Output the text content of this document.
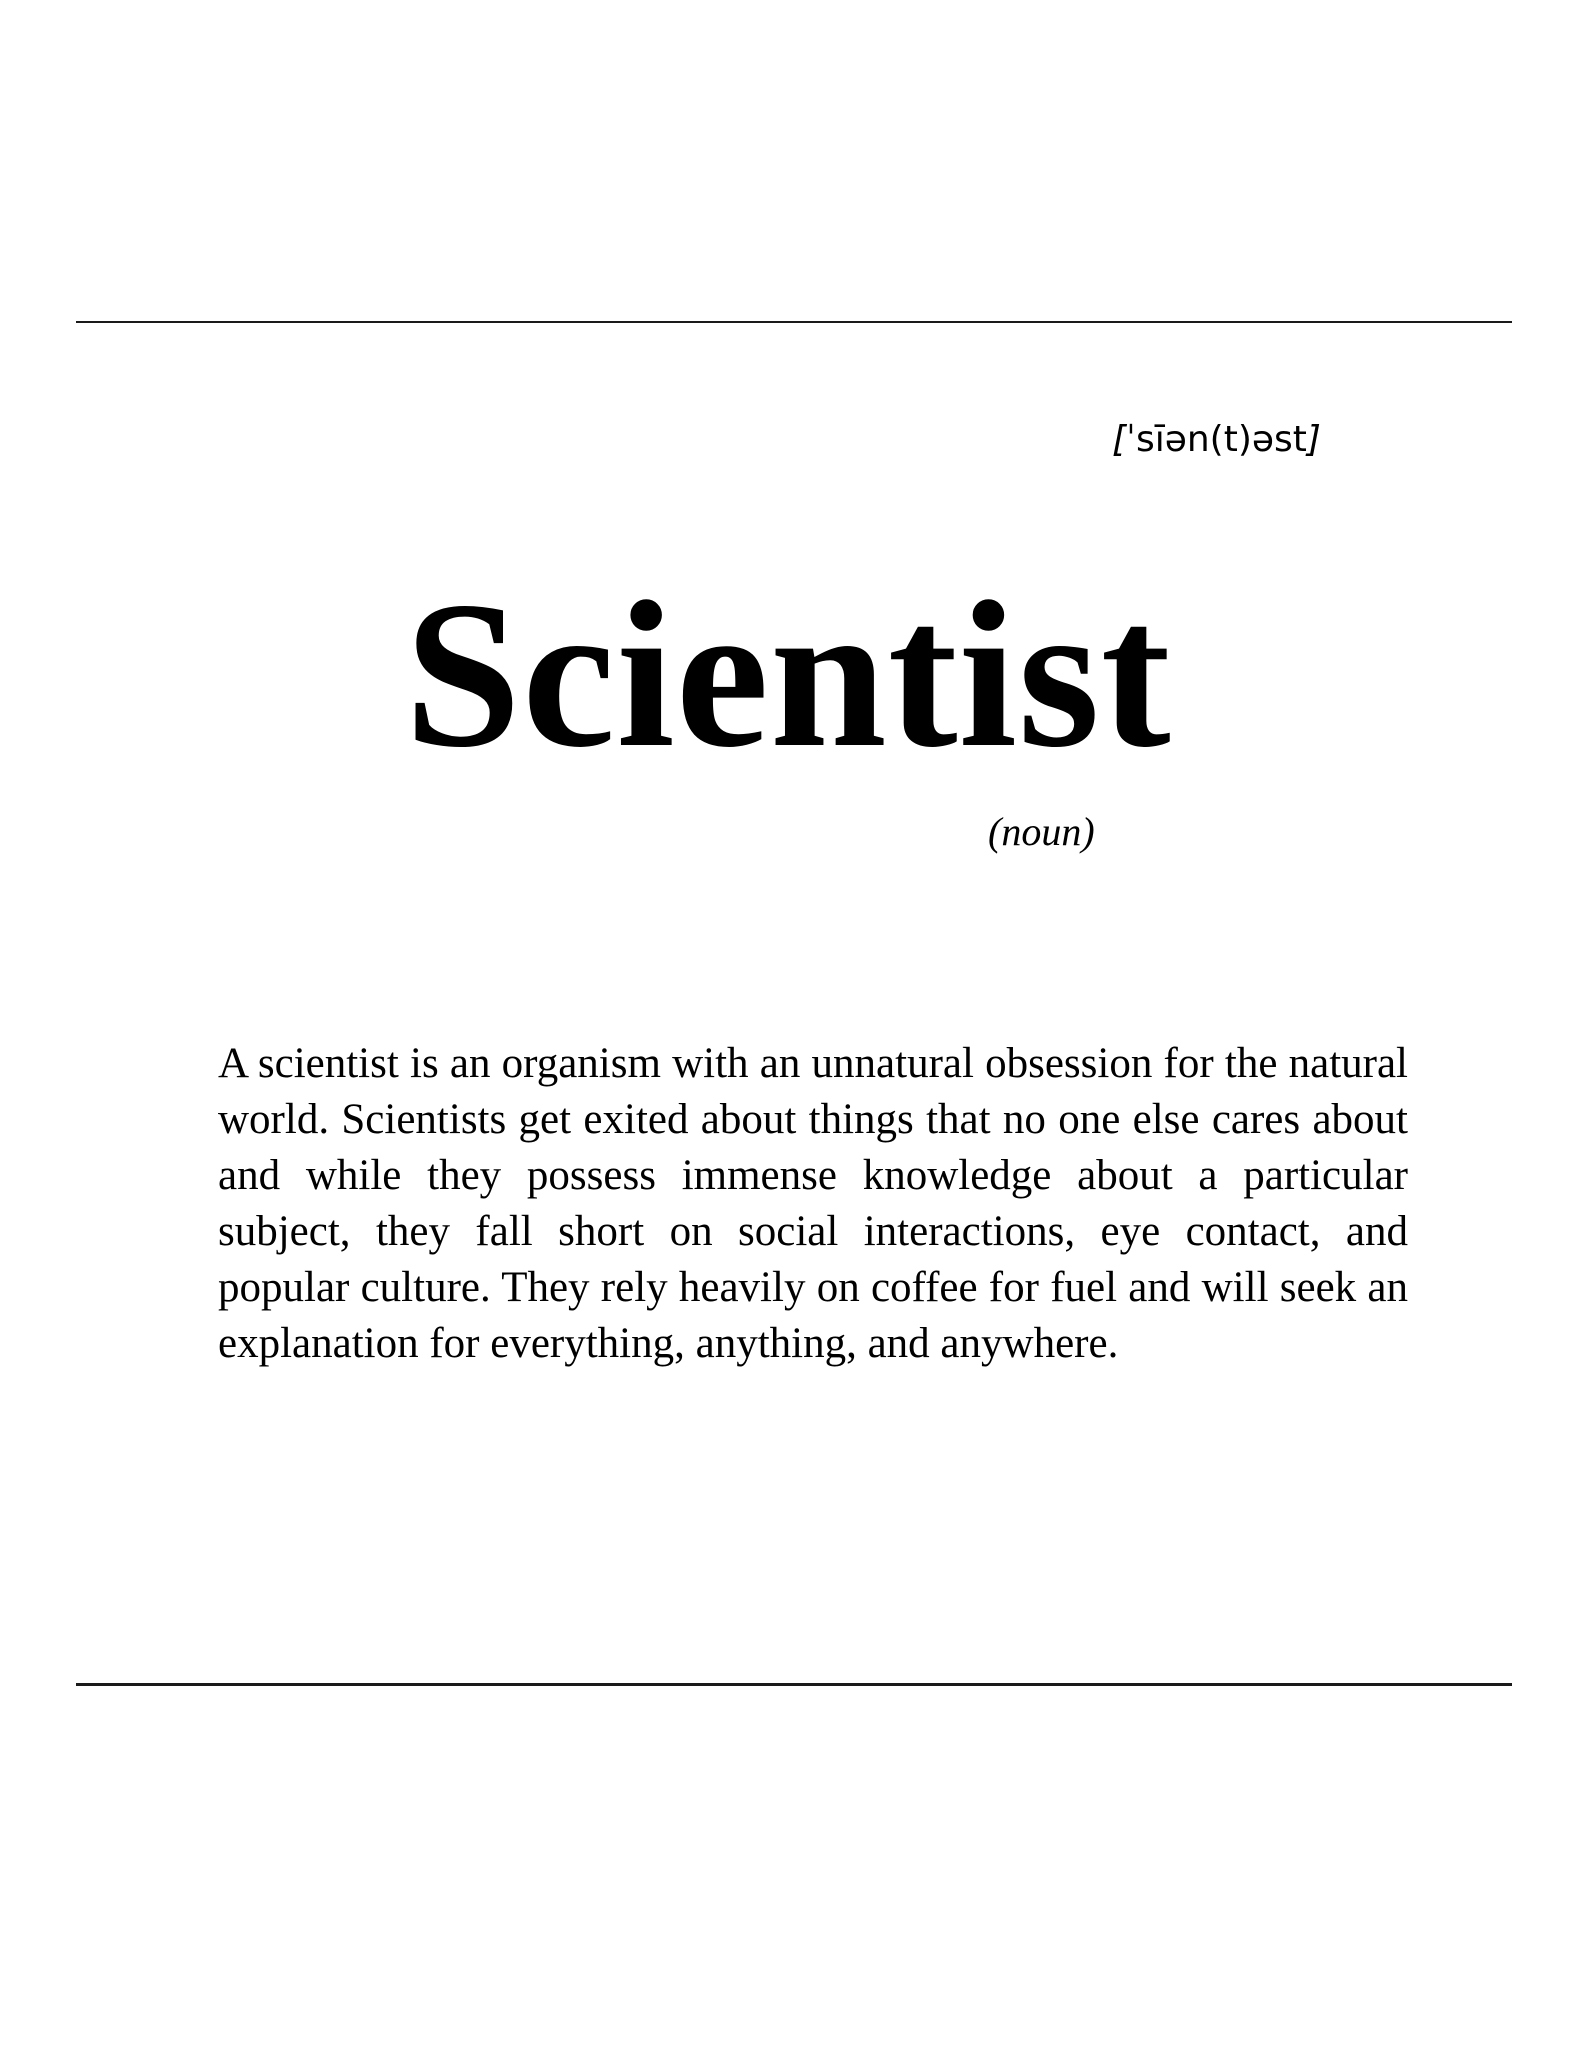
[ˈsīən(t)əst]
Scientist
(noun)

A scientist is an organism with an unnatural obsession for the natural world. Scientists get exited about things that no one else cares about and while they possess immense knowledge about a particular subject, they fall short on social interactions, eye contact, and popular culture. They rely heavily on coffee for fuel and will seek an explanation for everything, anything, and anywhere.
